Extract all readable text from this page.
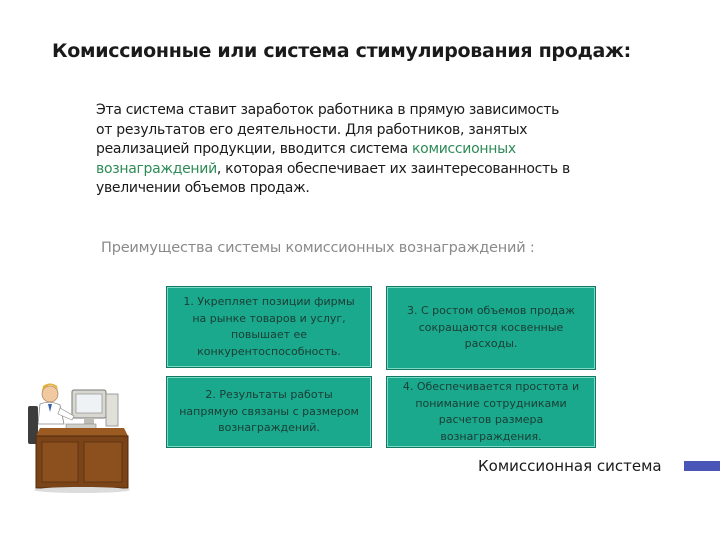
Комиссионные или система стимулирования продаж:

Эта система ставит заработок работника в прямую зависимость от результатов его деятельности. Для работников, занятых реализацией продукции, вводится система комиссионных вознаграждений, которая обеспечивает их заинтересованность в увеличении объемов продаж.

Преимущества системы комиссионных вознаграждений :
1. Укрепляет позиции фирмы на рынке товаров и услуг, повышает ее конкурентоспособность.
3. С ростом объемов продаж сокращаются косвенные расходы.
2. Результаты работы напрямую связаны с размером вознаграждений.
4. Обеспечивается простота и понимание сотрудниками расчетов размера вознаграждения.
Комиссионная система
